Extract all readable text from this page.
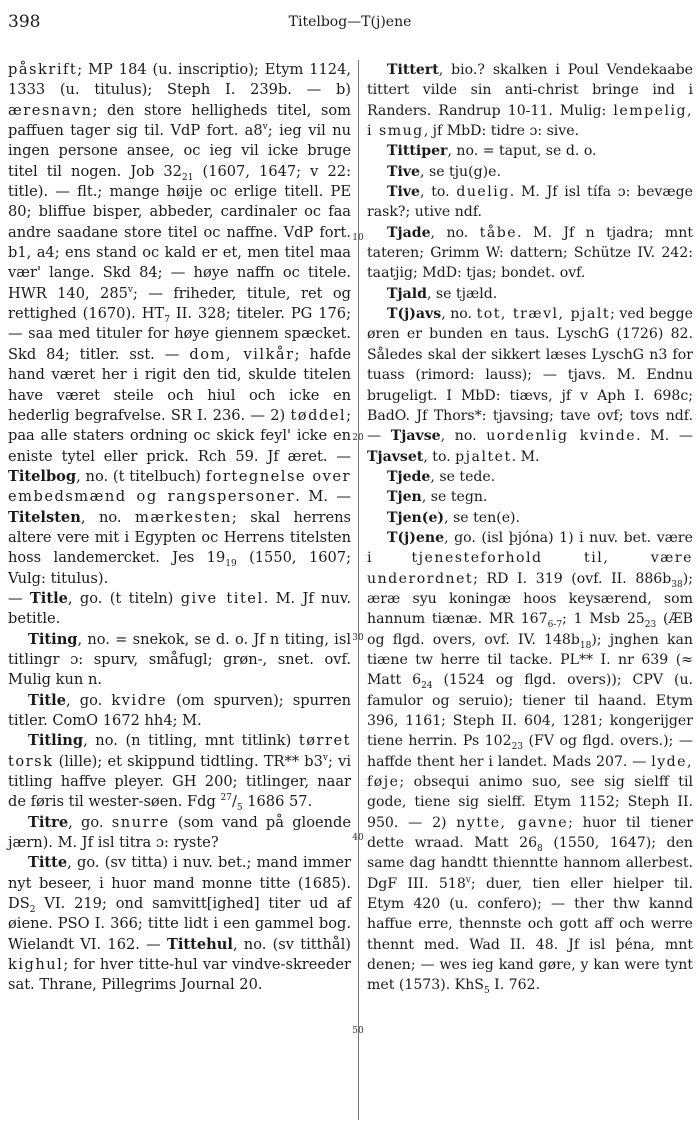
398	Titelbog—T(j)ene

påskrift; MP 184 (u. inscriptio); Etym 1124, 1333 (u. titulus); Steph I. 239b. — b) æresnavn; den store helligheds titel, som paffuen tager sig til. VdP fort. a8$^v$; ieg vil nu ingen persone ansee, oc ieg vil icke bruge titel til nogen. Job $32_{21}$ (1607, 1647; v 22: title). — flt.; mange høije oc erlige titell. PE 80; bliffue bisper, abbeder, cardinaler oc faa andre saadane store titel oc naffne. VdP fort. b1, a4; ens stand oc kald er et, men titel maa vær' lange. Skd 84; — høye naffn oc titele. HWR 140, 285$^v$; — friheder, titule, ret og rettighed (1670). $HT_7$ II. 328; titeler. PG 176; — saa med tituler for høye giennem spæcket. Skd 84; titler. sst. — dom, vilkår; hafde hand været her i rigit den tid, skulde titelen have været steile och hiul och icke en hederlig begrafvelse. SR I. 236. — 2) tøddel; paa alle staters ordning oc skick feyl' icke en eniste tytel eller prick. Rch 59. Jf æret. — Titelbog, no. (t titelbuch) fortegnelse over embedsmænd og rangspersoner. M. — Titelsten, no. mærkesten; skal herrens altere vere mit i Egypten oc Herrens titelsten hoss landemercket. Jes $19_{19}$ (1550, 1607; Vulg: titulus).

— Title, go. (t titeln) give titel. M. Jf nuv. betitle.

Titing, no. = snekok, se d. o. Jf n titing, isl titlingr ɔ: spurv, småfugl; grøn-, snet. ovf. Mulig kun n.

Title, go. kvidre (om spurven); spurren titler. ComO 1672 hh4; M.

Titling, no. (n titling, mnt titlink) tørret torsk (lille); et skippund tidtling. TR** b3$^v$; vi titling haffve pleyer. GH 200; titlinger, naar de føris til wester-søen. Fdg $^{27}/_5$ 1686 57.

Titre, go. snurre (som vand på gloende jærn). M. Jf isl titra ɔ: ryste?

Titte, go. (sv titta) i nuv. bet.; mand immer nyt beseer, i huor mand monne titte (1685). $DS_2$ VI. 219; ond samvitt[ighed] titer ud af øiene. PSO I. 366; titte lidt i een gammel bog. Wielandt VI. 162. — Tittehul, no. (sv titthål) kighul; for hver titte-hul var vindve-skreeder sat. Thrane, Pillegrims Journal 20.

Tittert, bio.? skalken i Poul Vendekaabe tittert vilde sin anti-christ bringe ind i Randers. Randrup 10-11. Mulig: lempelig, i smug, jf MbD: tidre ɔ: sive.

Tittiper, no. = taput, se d. o.

Tive, se tju(g)e.

Tive, to. duelig. M. Jf isl tífa ɔ: bevæge rask?; utive ndf.

Tjade, no. tåbe. M. Jf n tjadra; mnt tateren; Grimm W: dattern; Schütze IV. 242: taatjig; MdD: tjas; bondet. ovf.

Tjald, se tjæld.

T(j)avs, no. tot, trævl, pjalt; ved begge øren er bunden en taus. LyschG (1726) 82. Således skal der sikkert læses LyschG n3 for tuass (rimord: lauss); — tjavs. M. Endnu brugeligt. I MbD: tiævs, jf v Aph I. 698c; BadO. Jf Thors*: tjavsing; tave ovf; tovs ndf. — Tjavse, no. uordenlig kvinde. M. — Tjavset, to. pjaltet. M.

Tjede, se tede.

Tjen, se tegn.

Tjen(e), se ten(e).

T(j)ene, go. (isl þjóna) 1) i nuv. bet. være i tjenesteforhold til, være underordnet; RD I. 319 (ovf. II. $886b_{38}$); æræ syu koningæ hoos keysærend, som hannum tiænæ. MR $167_{6-7}$; 1 Msb $25_{23}$ (ÆB og flgd. overs, ovf. IV. $148b_{18}$); jnghen kan tiæne tw herre til tacke. PL** I. nr 639 (≈ Matt $6_{24}$ (1524 og flgd. overs)); CPV (u. famulor og seruio); tiener til haand. Etym 396, 1161; Steph II. 604, 1281; kongerijger tiene herrin. Ps $102_{23}$ (FV og flgd. overs.); — haffde thent her i landet. Mads 207. — lyde, føje; obsequi animo suo, see sig sielff til gode, tiene sig sielff. Etym 1152; Steph II. 950. — 2) nytte, gavne; huor til tiener dette wraad. Matt $26_8$ (1550, 1647); den same dag handtt thienntte hannom allerbest. DgF III. 518$^v$; duer, tien eller hielper til. Etym 420 (u. confero); — ther thw kannd haffue erre, thennste och gott aff och werre thennt med. Wad II. 48. Jf isl þéna, mnt denen; — wes ieg kand gøre, y kan were tynt met (1573). KhS$_5$ I. 762.

10
20
30
40
50
